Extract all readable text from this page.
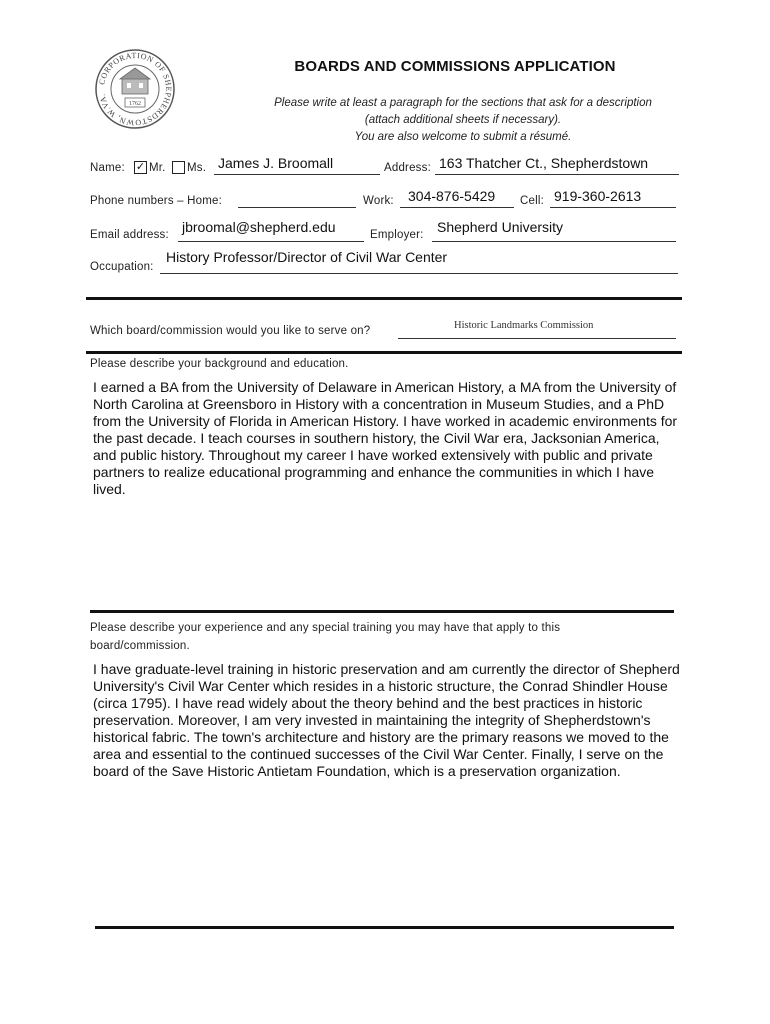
CORPORATION OF SHEPHERDSTOWN, W.VA.
1762
BOARDS AND COMMISSIONS APPLICATION
Please write at least a paragraph for the sections that ask for a description
(attach additional sheets if necessary).
You are also welcome to submit a résumé.
Name: ✓ Mr. Ms. James J. Broomall	Address: 163 Thatcher Ct., Shepherdstown
Phone numbers – Home:	Work: 304-876-5429 Cell: 919-360-2613
Email address: jbroomal@shepherd.edu	Employer: Shepherd University
Occupation:
History Professor/Director of Civil War Center
Which board/commission would you like to serve on?	Historic Landmarks Commission
Please describe your background and education.
I earned a BA from the University of Delaware in American History, a MA from the University of North Carolina at Greensboro in History with a concentration in Museum Studies, and a PhD from the University of Florida in American History. I have worked in academic environments for the past decade. I teach courses in southern history, the Civil War era, Jacksonian America, and public history. Throughout my career I have worked extensively with public and private partners to realize educational programming and enhance the communities in which I have lived.
Please describe your experience and any special training you may have that apply to this
board/commission.
I have graduate-level training in historic preservation and am currently the director of Shepherd University's Civil War Center which resides in a historic structure, the Conrad Shindler House (circa 1795). I have read widely about the theory behind and the best practices in historic preservation. Moreover, I am very invested in maintaining the integrity of Shepherdstown's historical fabric. The town's architecture and history are the primary reasons we moved to the area and essential to the continued successes of the Civil War Center. Finally, I serve on the board of the Save Historic Antietam Foundation, which is a preservation organization.
